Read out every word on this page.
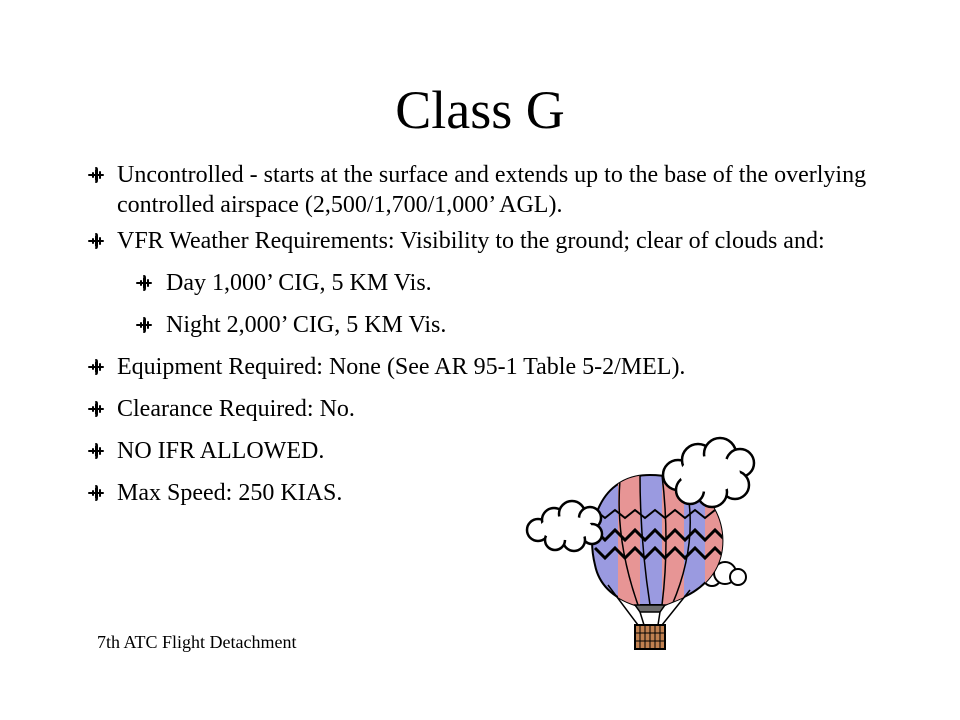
Class G
Uncontrolled - starts at the surface and extends up to the base of the overlying controlled airspace (2,500/1,700/1,000’ AGL).
VFR Weather Requirements: Visibility to the ground; clear of clouds and:
Day 1,000’ CIG, 5 KM Vis.
Night 2,000’ CIG, 5 KM Vis.
Equipment Required: None (See AR 95-1 Table 5-2/MEL).
Clearance Required: No.
NO IFR ALLOWED.
Max Speed: 250 KIAS.
7th ATC Flight Detachment
